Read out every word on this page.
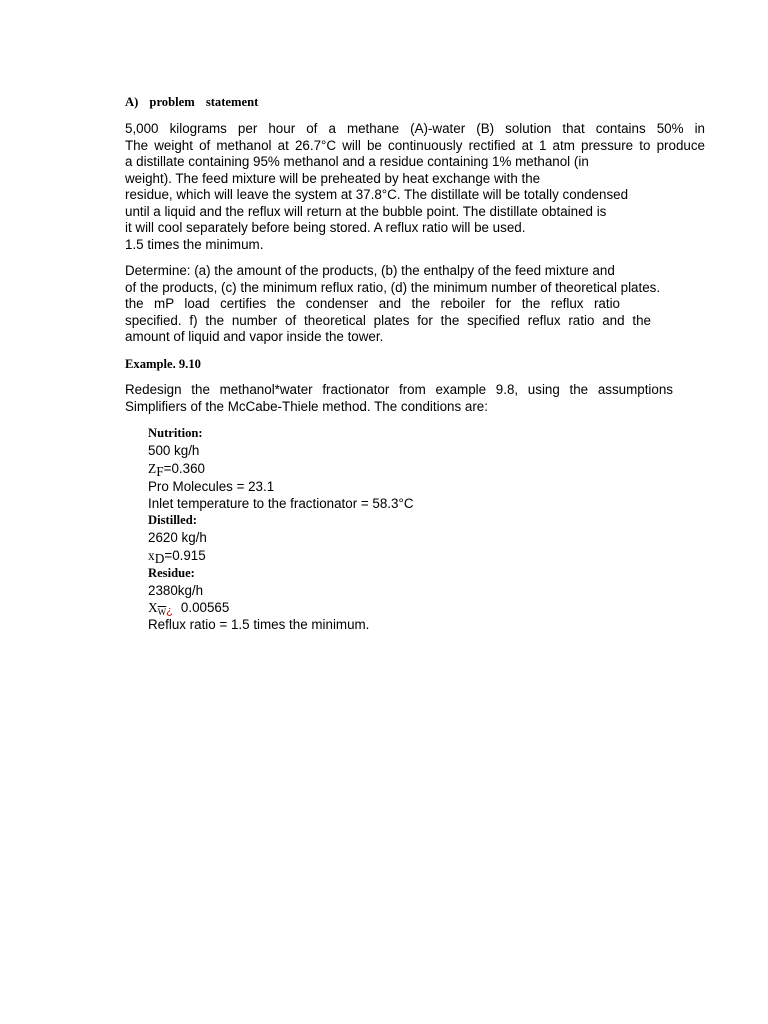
A) problem statement
5,000 kilograms per hour of a methane (A)-water (B) solution that contains 50% in
The weight of methanol at 26.7°C will be continuously rectified at 1 atm pressure to produce
a distillate containing 95% methanol and a residue containing 1% methanol (in
weight). The feed mixture will be preheated by heat exchange with the
residue, which will leave the system at 37.8°C. The distillate will be totally condensed
until a liquid and the reflux will return at the bubble point. The distillate obtained is
it will cool separately before being stored. A reflux ratio will be used.
1.5 times the minimum.
Determine: (a) the amount of the products, (b) the enthalpy of the feed mixture and
of the products, (c) the minimum reflux ratio, (d) the minimum number of theoretical plates.
the mP load certifies the condenser and the reboiler for the reflux ratio
specified. f) the number of theoretical plates for the specified reflux ratio and the
amount of liquid and vapor inside the tower.
Example. 9.10
Redesign the methanol*water fractionator from example 9.8, using the assumptions
Simplifiers of the McCabe-Thiele method. The conditions are:
Nutrition:
500 kg/h
ZF=0.360
Pro Molecules = 23.1
Inlet temperature to the fractionator = 58.3°C
Distilled:
2620 kg/h
xD=0.915
Residue:
2380kg/h
$X_{\overline{W}}¿$ 0.00565
Reflux ratio = 1.5 times the minimum.
